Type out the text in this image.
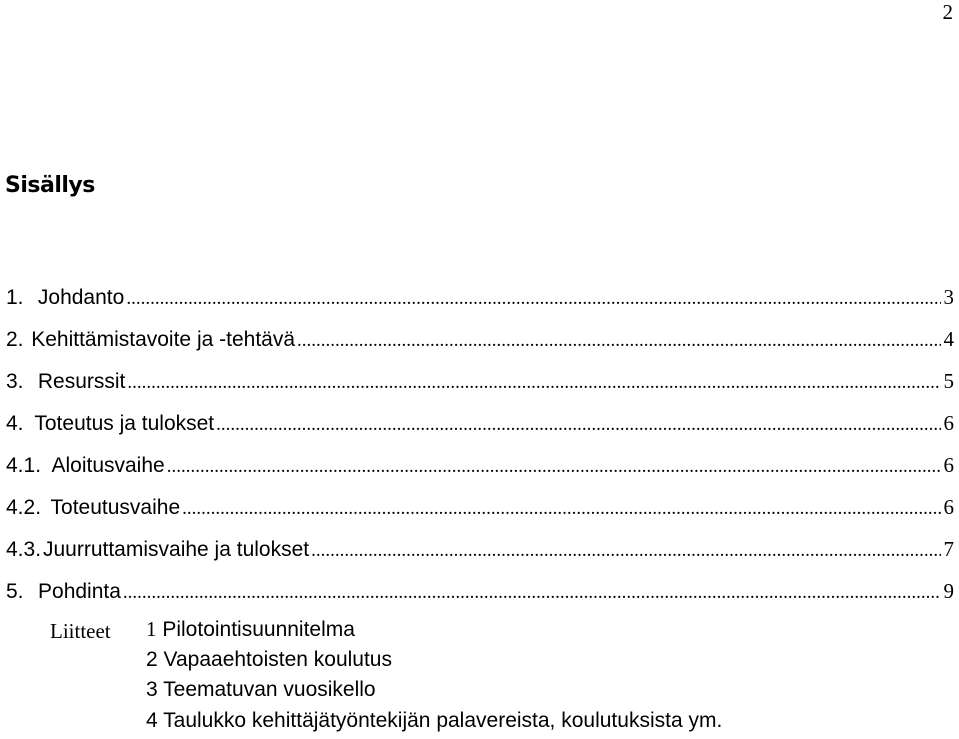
2
Sisällys
1. Johdanto .....	3
2. Kehittämistavoite ja -tehtävä .....	4
3. Resurssit .....	5
4. Toteutus ja tulokset .....	6
4.1. Aloitusvaihe .....	6
4.2. Toteutusvaihe .....	6
4.3. Juurruttamisvaihe ja tulokset .....	7
5. Pohdinta .....	9
Liitteet 1 Pilotointisuunnitelma
2 Vapaaehtoisten koulutus
3 Teematuvan vuosikello
4 Taulukko kehittäjätyöntekijän palavereista, koulutuksista ym.
